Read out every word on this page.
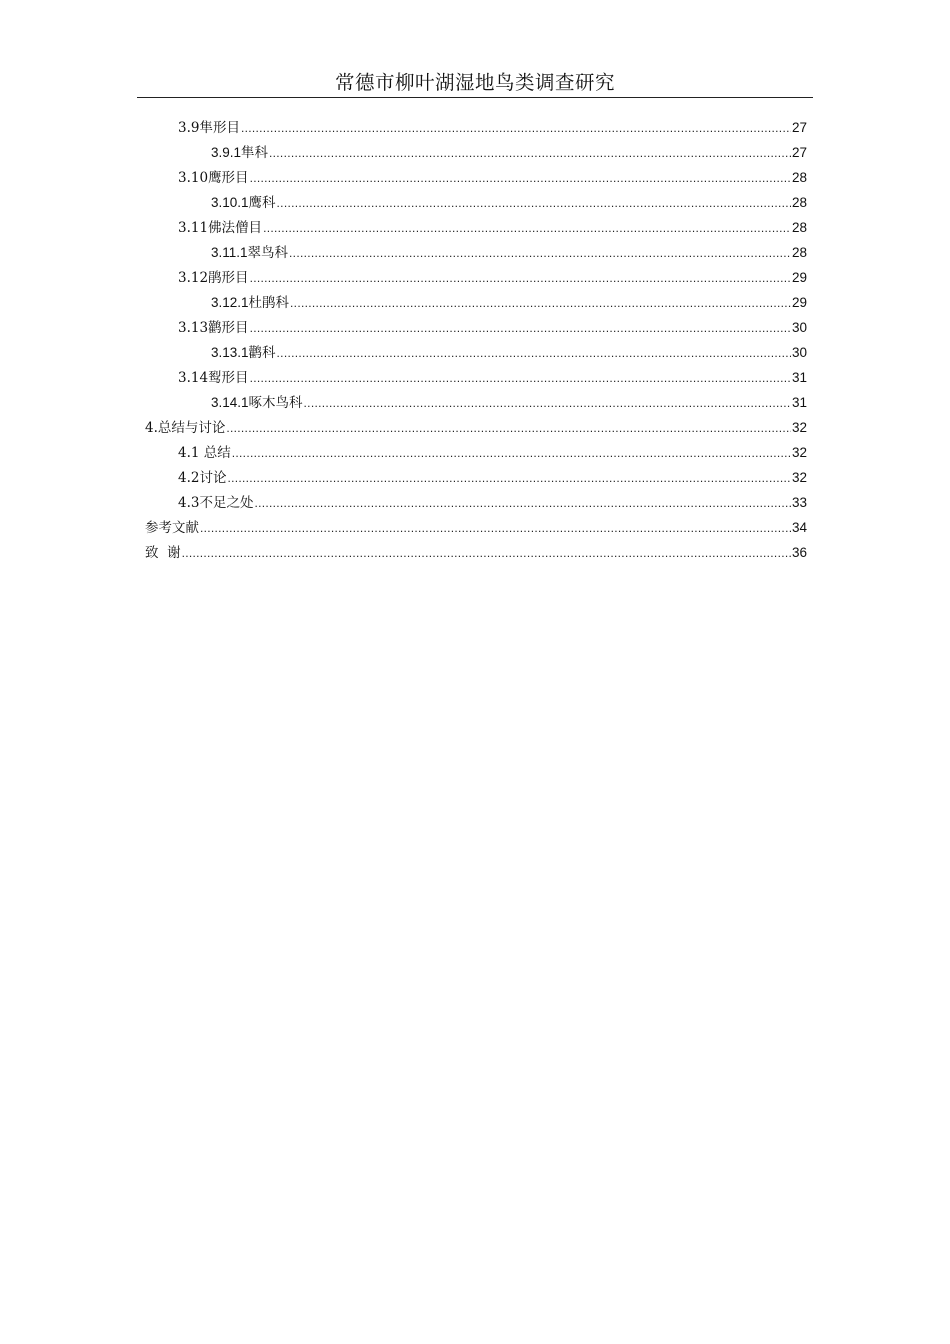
常德市柳叶湖湿地鸟类调查研究
3.9隼形目 .....	27
3.9.1隼科 .....	27
3.10鹰形目 .....	28
3.10.1鹰科 .....	28
3.11佛法僧目 .....	28
3.11.1翠鸟科 .....	28
3.12鹃形目 .....	29
3.12.1杜鹃科 .....	29
3.13鹳形目 .....	30
3.13.1鹳科 .....	30
3.14䴕形目 .....	31
3.14.1啄木鸟科 .....	31
4.总结与讨论 .....	32
4.1 总结 .....	32
4.2讨论 .....	32
4.3不足之处 .....	33
参考文献 .....	34
致  谢 .....	36
